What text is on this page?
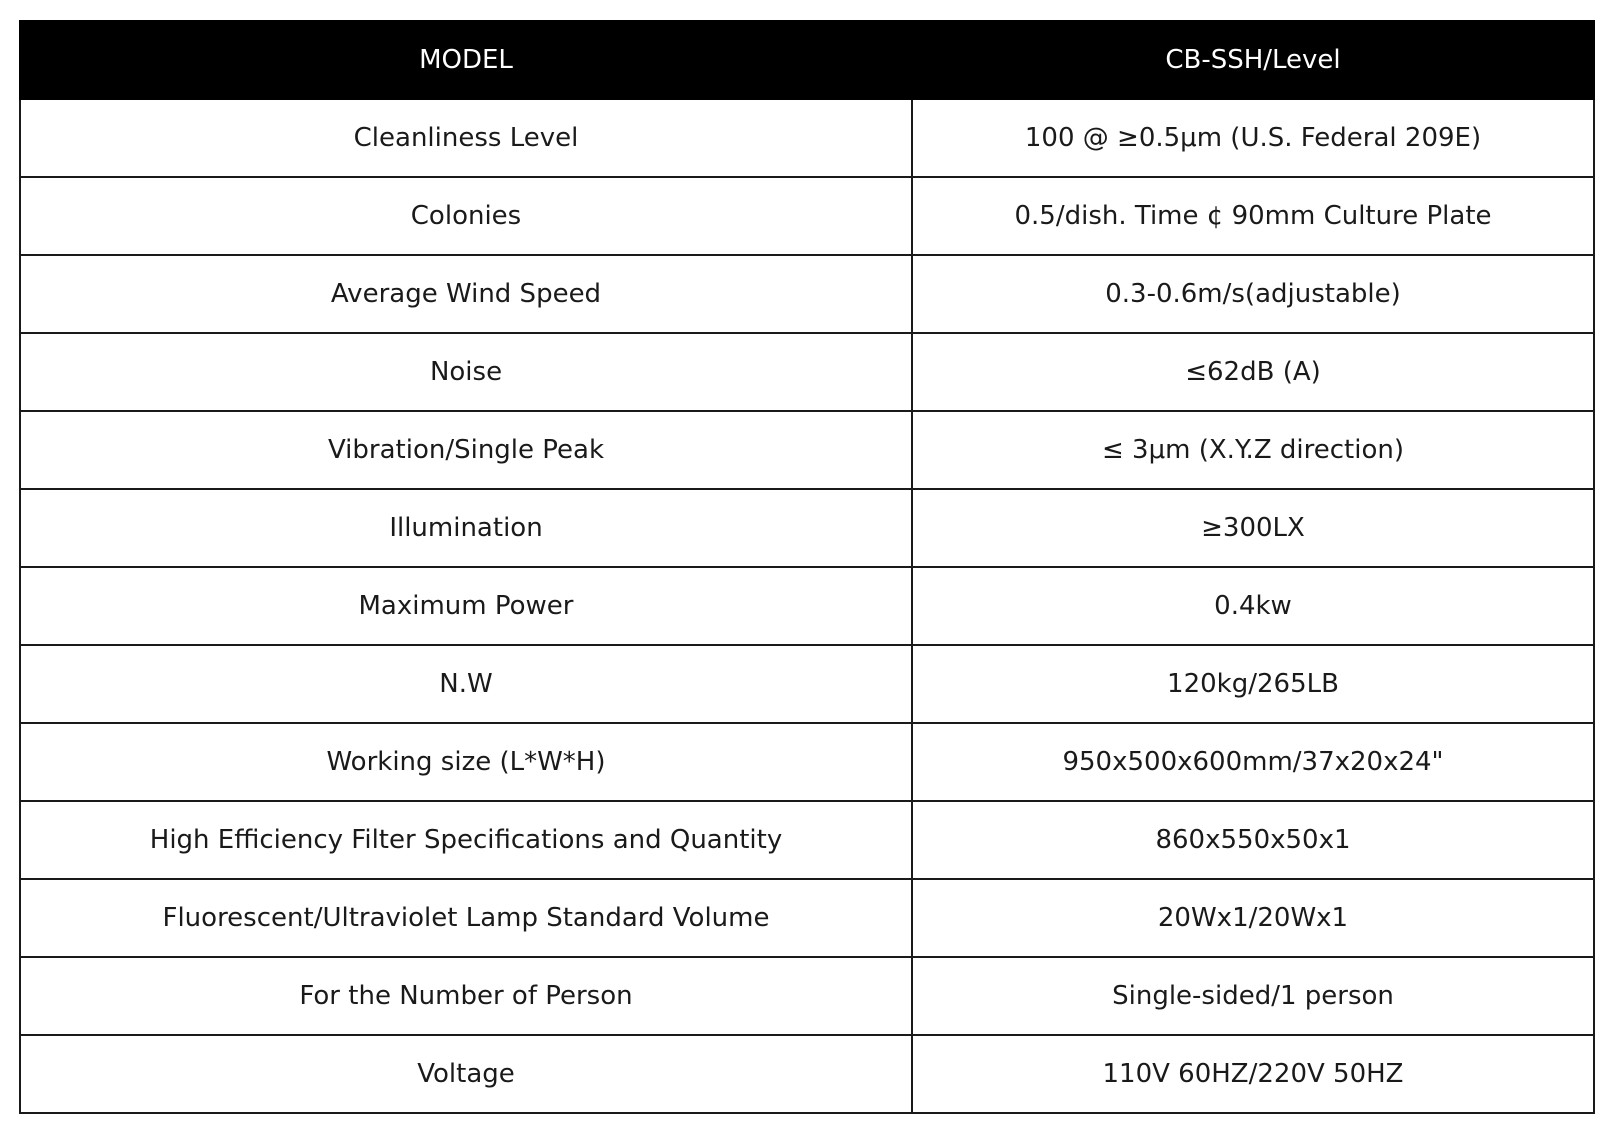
MODEL	CB-SSH/Level
Cleanliness Level	100 @ ≥0.5μm (U.S. Federal 209E)
Colonies	0.5/dish. Time ¢ 90mm Culture Plate
Average Wind Speed	0.3-0.6m/s(adjustable)
Noise	≤62dB (A)
Vibration/Single Peak	≤ 3μm (X.Y.Z direction)
Illumination	≥300LX
Maximum Power	0.4kw
N.W	120kg/265LB
Working size (L*W*H)	950x500x600mm/37x20x24"
High Efficiency Filter Specifications and Quantity	860x550x50x1
Fluorescent/Ultraviolet Lamp Standard Volume	20Wx1/20Wx1
For the Number of Person	Single-sided/1 person
Voltage	110V 60HZ/220V 50HZ
